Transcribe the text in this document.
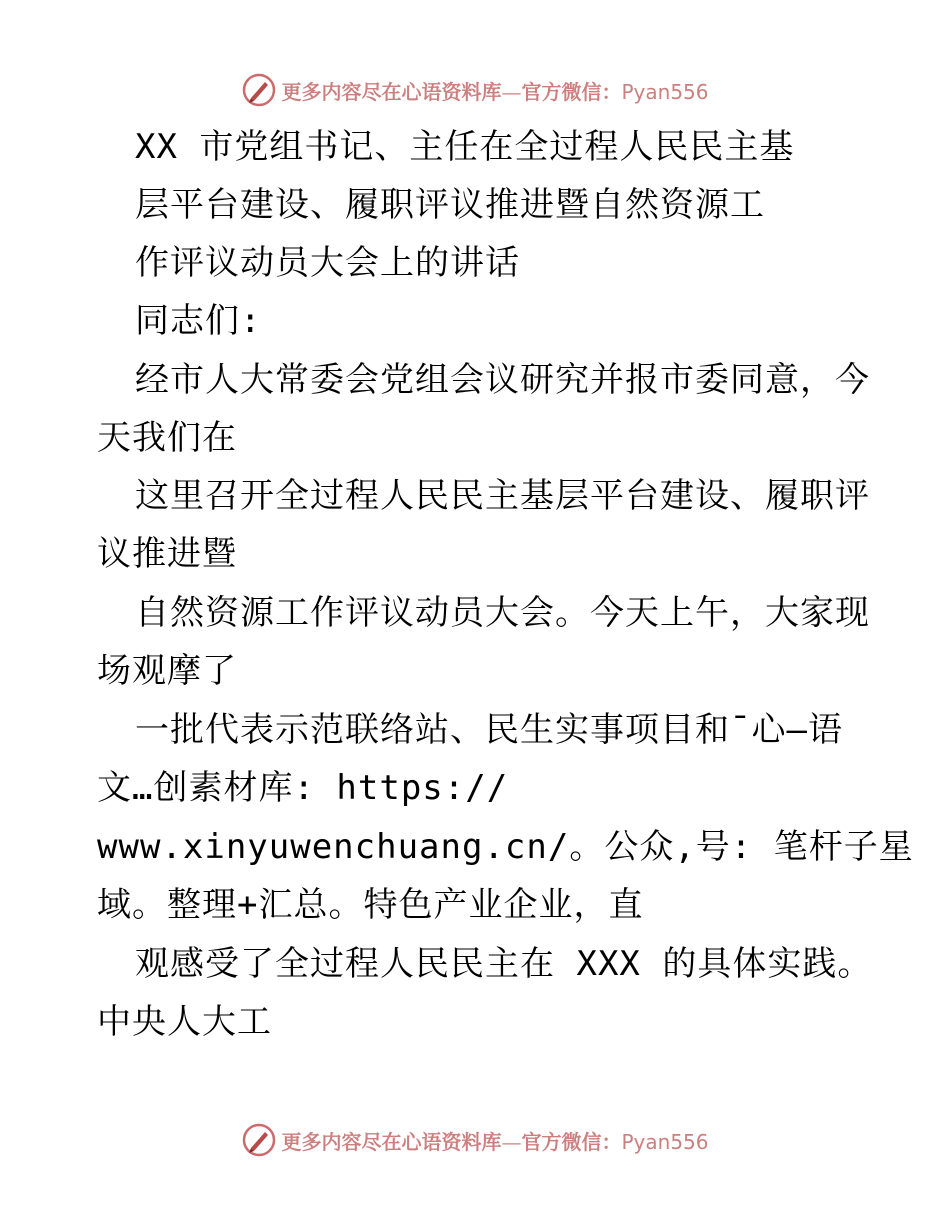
更多内容尽在心语资料库—官方微信：Pyan556
XX 市党组书记、主任在全过程人民民主基
层平台建设、履职评议推进暨自然资源工
作评议动员大会上的讲话
同志们:
经市人大常委会党组会议研究并报市委同意，今
天我们在
这里召开全过程人民民主基层平台建设、履职评
议推进暨
自然资源工作评议动员大会。今天上午，大家现
场观摩了
一批代表示范联络站、民生实事项目和¯心—语
文…创素材库: https://
www.xinyuwenchuang.cn/。公众,号: 笔杆子星
域。整理+汇总。特色产业企业，直
观感受了全过程人民民主在 XXX 的具体实践。
中央人大工
更多内容尽在心语资料库—官方微信：Pyan556
